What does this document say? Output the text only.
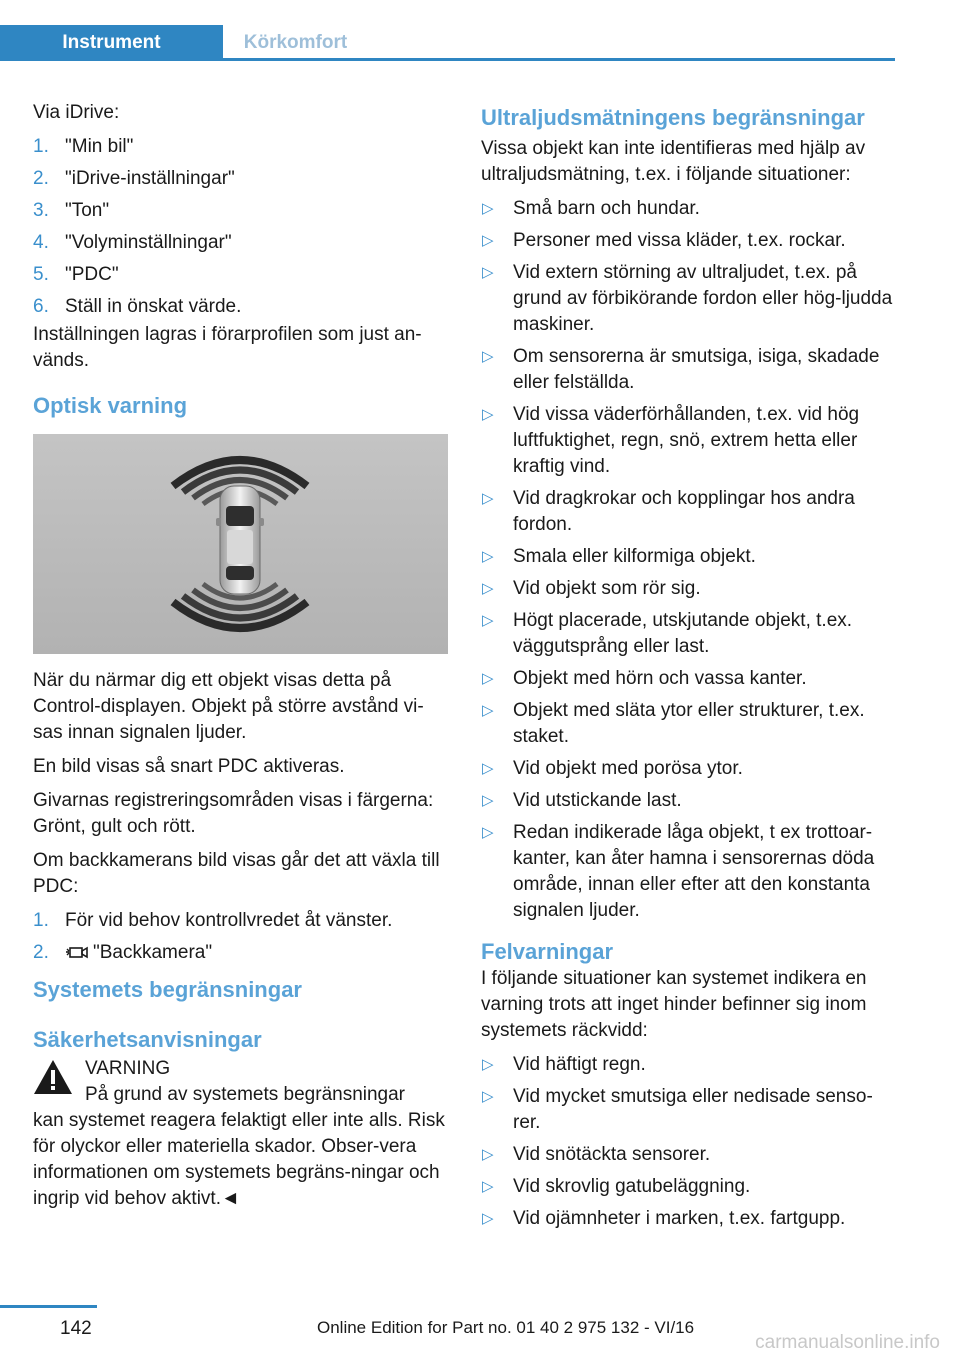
Instrument	Körkomfort

Via iDrive:

1. "Min bil"
2. "iDrive-inställningar"
3. "Ton"
4. "Volyminställningar"
5. "PDC"
6. Ställ in önskat värde.

Inställningen lagras i förarprofilen som just an-vänds.

Optisk varning

När du närmar dig ett objekt visas detta på Control-displayen. Objekt på större avstånd vi-sas innan signalen ljuder.

En bild visas så snart PDC aktiveras.

Givarnas registreringsområden visas i färgerna: Grönt, gult och rött.

Om backkamerans bild visas går det att växla till PDC:

1. För vid behov kontrollvredet åt vänster.
2. "Backkamera"
Systemets begränsningar
Säkerhetsanvisningar

VARNING

På grund av systemets begränsningar

kan systemet reagera felaktigt eller inte alls. Risk för olyckor eller materiella skador. Obser-vera informationen om systemets begräns-ningar och ingrip vid behov aktivt.◄

Ultraljudsmätningens begränsningar

Vissa objekt kan inte identifieras med hjälp av ultraljudsmätning, t.ex. i följande situationer:

▷ Små barn och hundar.
▷ Personer med vissa kläder, t.ex. rockar.
▷ Vid extern störning av ultraljudet, t.ex. på grund av förbikörande fordon eller hög-ljudda maskiner.
▷ Om sensorerna är smutsiga, isiga, skadade eller felställda.
▷ Vid vissa väderförhållanden, t.ex. vid hög luftfuktighet, regn, snö, extrem hetta eller kraftig vind.
▷ Vid dragkrokar och kopplingar hos andra fordon.
▷ Smala eller kilformiga objekt.
▷ Vid objekt som rör sig.
▷ Högt placerade, utskjutande objekt, t.ex. väggutsprång eller last.
▷ Objekt med hörn och vassa kanter.
▷ Objekt med släta ytor eller strukturer, t.ex. staket.
▷ Vid objekt med porösa ytor.
▷ Vid utstickande last.
▷ Redan indikerade låga objekt, t ex trottoar-kanter, kan åter hamna i sensorernas döda område, innan eller efter att den konstanta signalen ljuder.
Felvarningar

I följande situationer kan systemet indikera en varning trots att inget hinder befinner sig inom systemets räckvidd:

▷ Vid häftigt regn.
▷ Vid mycket smutsiga eller nedisade senso-rer.
▷ Vid snötäckta sensorer.
▷ Vid skrovlig gatubeläggning.
▷ Vid ojämnheter i marken, t.ex. fartgupp.
142	Online Edition for Part no. 01 40 2 975 132 - VI/16
carmanualsonline.info
